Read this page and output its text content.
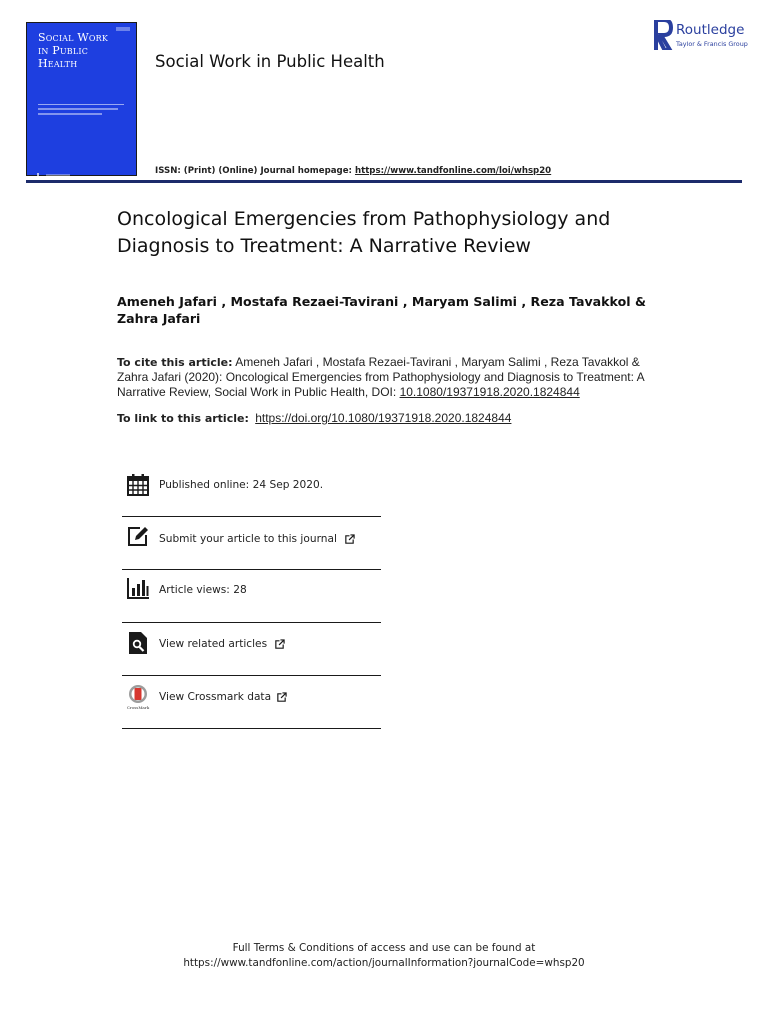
Social Work
in Public
Health	Social Work in Public Health
ISSN: (Print) (Online) Journal homepage: https://www.tandfonline.com/loi/whsp20
Routledge
Taylor & Francis Group
Oncological Emergencies from Pathophysiology and Diagnosis to Treatment: A Narrative Review
Ameneh Jafari , Mostafa Rezaei-Tavirani , Maryam Salimi , Reza Tavakkol & Zahra Jafari
To cite this article: Ameneh Jafari , Mostafa Rezaei-Tavirani , Maryam Salimi , Reza Tavakkol & Zahra Jafari (2020): Oncological Emergencies from Pathophysiology and Diagnosis to Treatment: A Narrative Review, Social Work in Public Health, DOI: 10.1080/19371918.2020.1824844
To link to this article: https://doi.org/10.1080/19371918.2020.1824844
Published online: 24 Sep 2020.
Submit your article to this journal
Article views: 28
View related articles
CrossMark
View Crossmark data
Full Terms & Conditions of access and use can be found at
https://www.tandfonline.com/action/journalInformation?journalCode=whsp20
